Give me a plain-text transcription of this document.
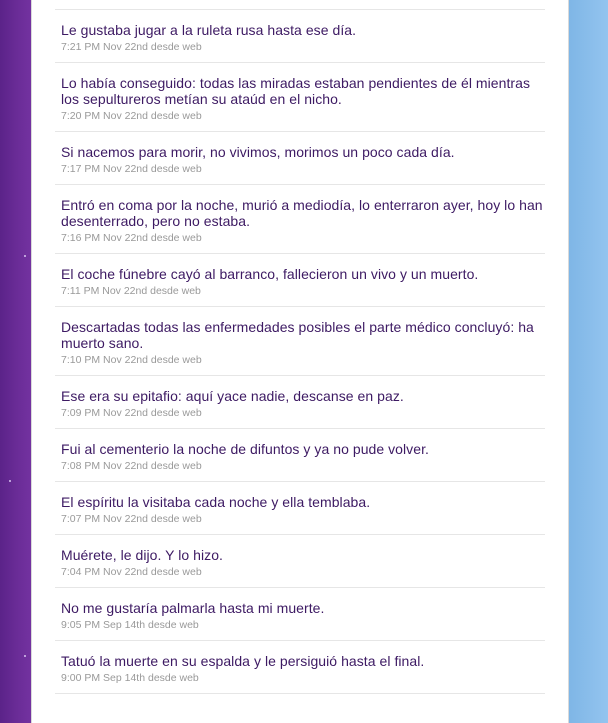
Le gustaba jugar a la ruleta rusa hasta ese día.
7:21 PM Nov 22nd desde web
Lo había conseguido: todas las miradas estaban pendientes de él mientras los sepultureros metían su ataúd en el nicho.
7:20 PM Nov 22nd desde web
Si nacemos para morir, no vivimos, morimos un poco cada día.
7:17 PM Nov 22nd desde web
Entró en coma por la noche, murió a mediodía, lo enterraron ayer, hoy lo han desenterrado, pero no estaba.
7:16 PM Nov 22nd desde web
El coche fúnebre cayó al barranco, fallecieron un vivo y un muerto.
7:11 PM Nov 22nd desde web
Descartadas todas las enfermedades posibles el parte médico concluyó: ha muerto sano.
7:10 PM Nov 22nd desde web
Ese era su epitafio: aquí yace nadie, descanse en paz.
7:09 PM Nov 22nd desde web
Fui al cementerio la noche de difuntos y ya no pude volver.
7:08 PM Nov 22nd desde web
El espíritu la visitaba cada noche y ella temblaba.
7:07 PM Nov 22nd desde web
Muérete, le dijo. Y lo hizo.
7:04 PM Nov 22nd desde web
No me gustaría palmarla hasta mi muerte.
9:05 PM Sep 14th desde web
Tatuó la muerte en su espalda y le persiguió hasta el final.
9:00 PM Sep 14th desde web
